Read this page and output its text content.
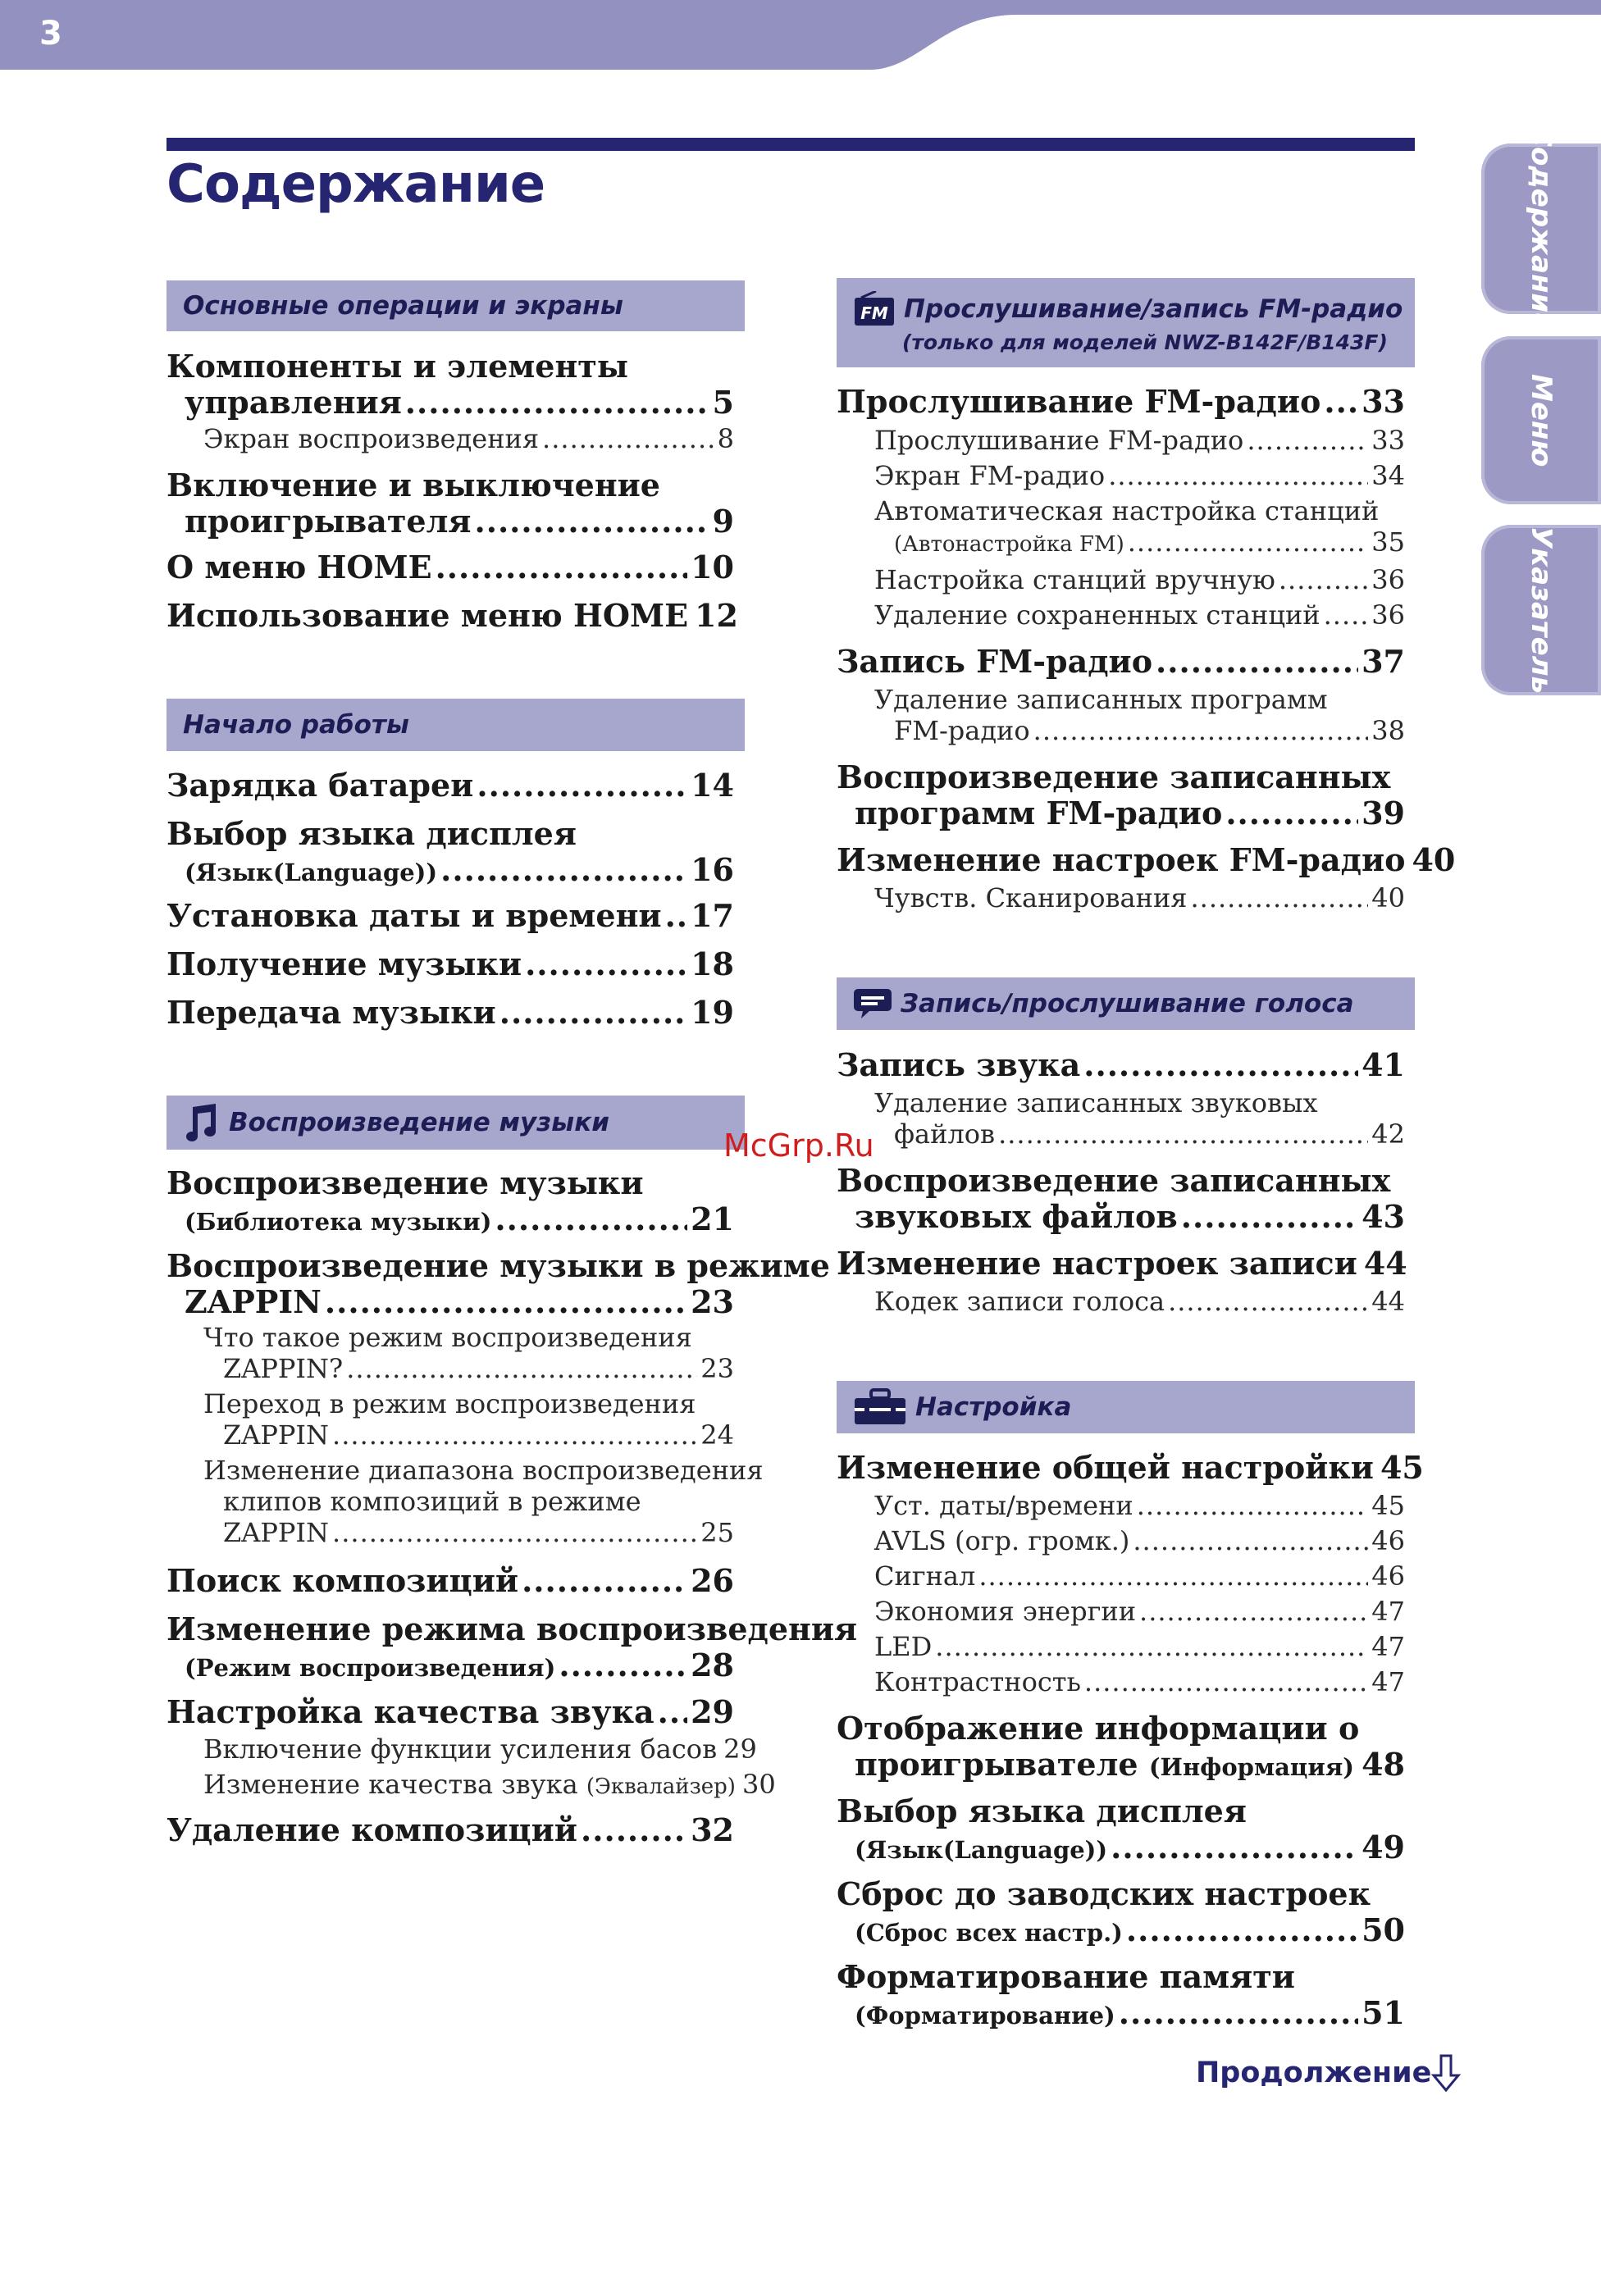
3
Содержание	Содержание
Меню
Указатель
Основные операции и экраны
Компоненты и элементы
управления .....	5
Экран воспроизведения .....	8
Включение и выключение
проигрывателя .....	9
О меню HOME .....	10
Использование меню HOME 12
Начало работы
Зарядка батареи .....	14
Выбор языка дисплея
(Язык(Language)) .....	16
Установка даты и времени ..... 17
Получение музыки .....	18
Передача музыки .....	19
Воспроизведение музыки
Воспроизведение музыки
(Библиотека музыки) .....	21
Воспроизведение музыки в режиме
ZAPPIN .....	23
Что такое режим воспроизведения
ZAPPIN? .....	23
Переход в режим воспроизведения
ZAPPIN .....	24
Изменение диапазона воспроизведения
клипов композиций в режиме
ZAPPIN .....	25
Поиск композиций .....	26
Изменение режима воспроизведения
(Режим воспроизведения) .....	28
Настройка качества звука ..... 29
Включение функции усиления басов 29
Изменение качества звука
(Эквалайзер) 30
Удаление композиций .....	32
FM Прослушивание/запись FM-радио
(только для моделей NWZ-B142F/B143F)
Прослушивание FM-радио ..... 33
Прослушивание FM-радио .....	33
Экран FM-радио .....	34
Автоматическая настройка станций
(Автонастройка FM) .....	35
Настройка станций вручную .....	36
Удаление сохраненных станций ..... 36
Запись FM-радио .....	37
Удаление записанных программ
FM-радио .....	38
Воспроизведение записанных
программ FM-радио .....	39
Изменение настроек FM-радио 40
Чувств. Сканирования .....	40
Запись/прослушивание голоса
Запись звука .....	41
Удаление записанных звуковых
файлов .....	42
Воспроизведение записанных
звуковых файлов .....	43
Изменение настроек записи 44
Кодек записи голоса .....	44
Настройка
Изменение общей настройки 45
Уст. даты/времени .....	45
AVLS (огр. громк.) .....	46
Сигнал .....	46
Экономия энергии .....	47
LED .....	47
Контрастность .....	47
Отображение информации о
проигрывателе
(Информация) ..... 48
Выбор языка дисплея
(Язык(Language)) .....	49
Сброс до заводских настроек
(Сброс всех настр.) .....	50
Форматирование памяти
(Форматирование) .....	51
McGrp.Ru
Продолжение
